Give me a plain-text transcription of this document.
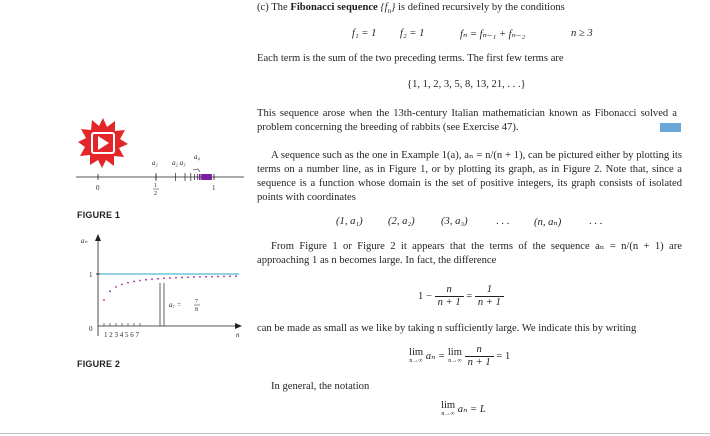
(c) The Fibonacci sequence $\{f_n\}$ is defined recursively by the conditions
f₁ = 1 f₂ = 1	fₙ = fₙ₋₁ + fₙ₋₂	n ≥ 3
Each term is the sum of the two preceding terms. The first few terms are
{1, 1, 2, 3, 5, 8, 13, 21, . . .}
This sequence arose when the 13th-century Italian mathematician known as Fibonacci solved a problem concerning the breeding of rabbits (see Exercise 47).
A sequence such as the one in Example 1(a), aₙ = n/(n + 1), can be pictured either by plotting its terms on a number line, as in Figure 1, or by plotting its graph, as in Figure 2. Note that, since a sequence is a function whose domain is the set of positive integers, its graph consists of isolated points with coordinates
(1, a₁) (2, a₂) (3, a₃)	. . . (n, aₙ)	. . .
From Figure 1 or Figure 2 it appears that the terms of the sequence aₙ = n/(n + 1) are approaching 1 as n becomes large. In fact, the difference
$1 - \frac{n}{n + 1} = \frac{1}{n + 1}$
can be made as small as we like by taking n sufficiently large. We indicate this by writing
lim
n→∞ aₙ = lim
n→∞
$\frac{n}{n + 1} = 1$
In general, the notation
lim
n→∞ aₙ = L
a₁ a₂ a₃
a₄
0	1
2
1
FIGURE 1
aₙ
1
0
1 2 3 4 5 6 7	n
a₇ = 7
8
FIGURE 2
